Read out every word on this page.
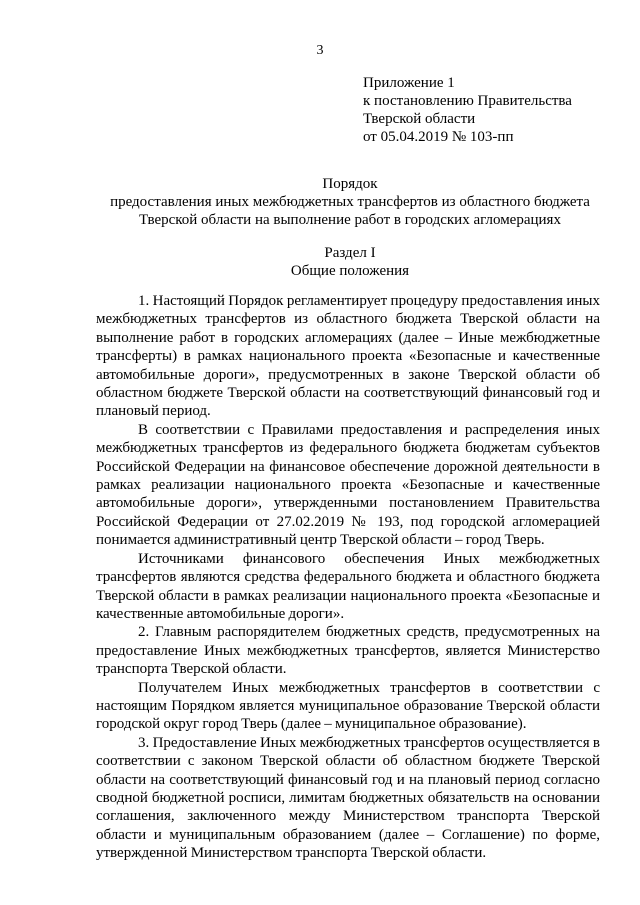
3
Приложение 1
к постановлению Правительства
Тверской области
от 05.04.2019 № 103-пп
Порядок
предоставления иных межбюджетных трансфертов из областного бюджета
Тверской области на выполнение работ в городских агломерациях
Раздел I
Общие положения

1. Настоящий Порядок регламентирует процедуру предоставления иных межбюджетных трансфертов из областного бюджета Тверской области на выполнение работ в городских агломерациях (далее – Иные межбюджетные трансферты) в рамках национального проекта «Безопасные и качественные автомобильные дороги», предусмотренных в законе Тверской области об областном бюджете Тверской области на соответствующий финансовый год и плановый период.

В соответствии с Правилами предоставления и распределения иных межбюджетных трансфертов из федерального бюджета бюджетам субъектов Российской Федерации на финансовое обеспечение дорожной деятельности в рамках реализации национального проекта «Безопасные и качественные автомобильные дороги», утвержденными постановлением Правительства Российской Федерации от 27.02.2019 № 193, под городской агломерацией понимается административный центр Тверской области – город Тверь.

Источниками финансового обеспечения Иных межбюджетных трансфертов являются средства федерального бюджета и областного бюджета Тверской области в рамках реализации национального проекта «Безопасные и качественные автомобильные дороги».

2. Главным распорядителем бюджетных средств, предусмотренных на предоставление Иных межбюджетных трансфертов, является Министерство транспорта Тверской области.

Получателем Иных межбюджетных трансфертов в соответствии с настоящим Порядком является муниципальное образование Тверской области городской округ город Тверь (далее – муниципальное образование).

3. Предоставление Иных межбюджетных трансфертов осуществляется в соответствии с законом Тверской области об областном бюджете Тверской области на соответствующий финансовый год и на плановый период согласно сводной бюджетной росписи, лимитам бюджетных обязательств на основании соглашения, заключенного между Министерством транспорта Тверской области и муниципальным образованием (далее – Соглашение) по форме, утвержденной Министерством транспорта Тверской области.
